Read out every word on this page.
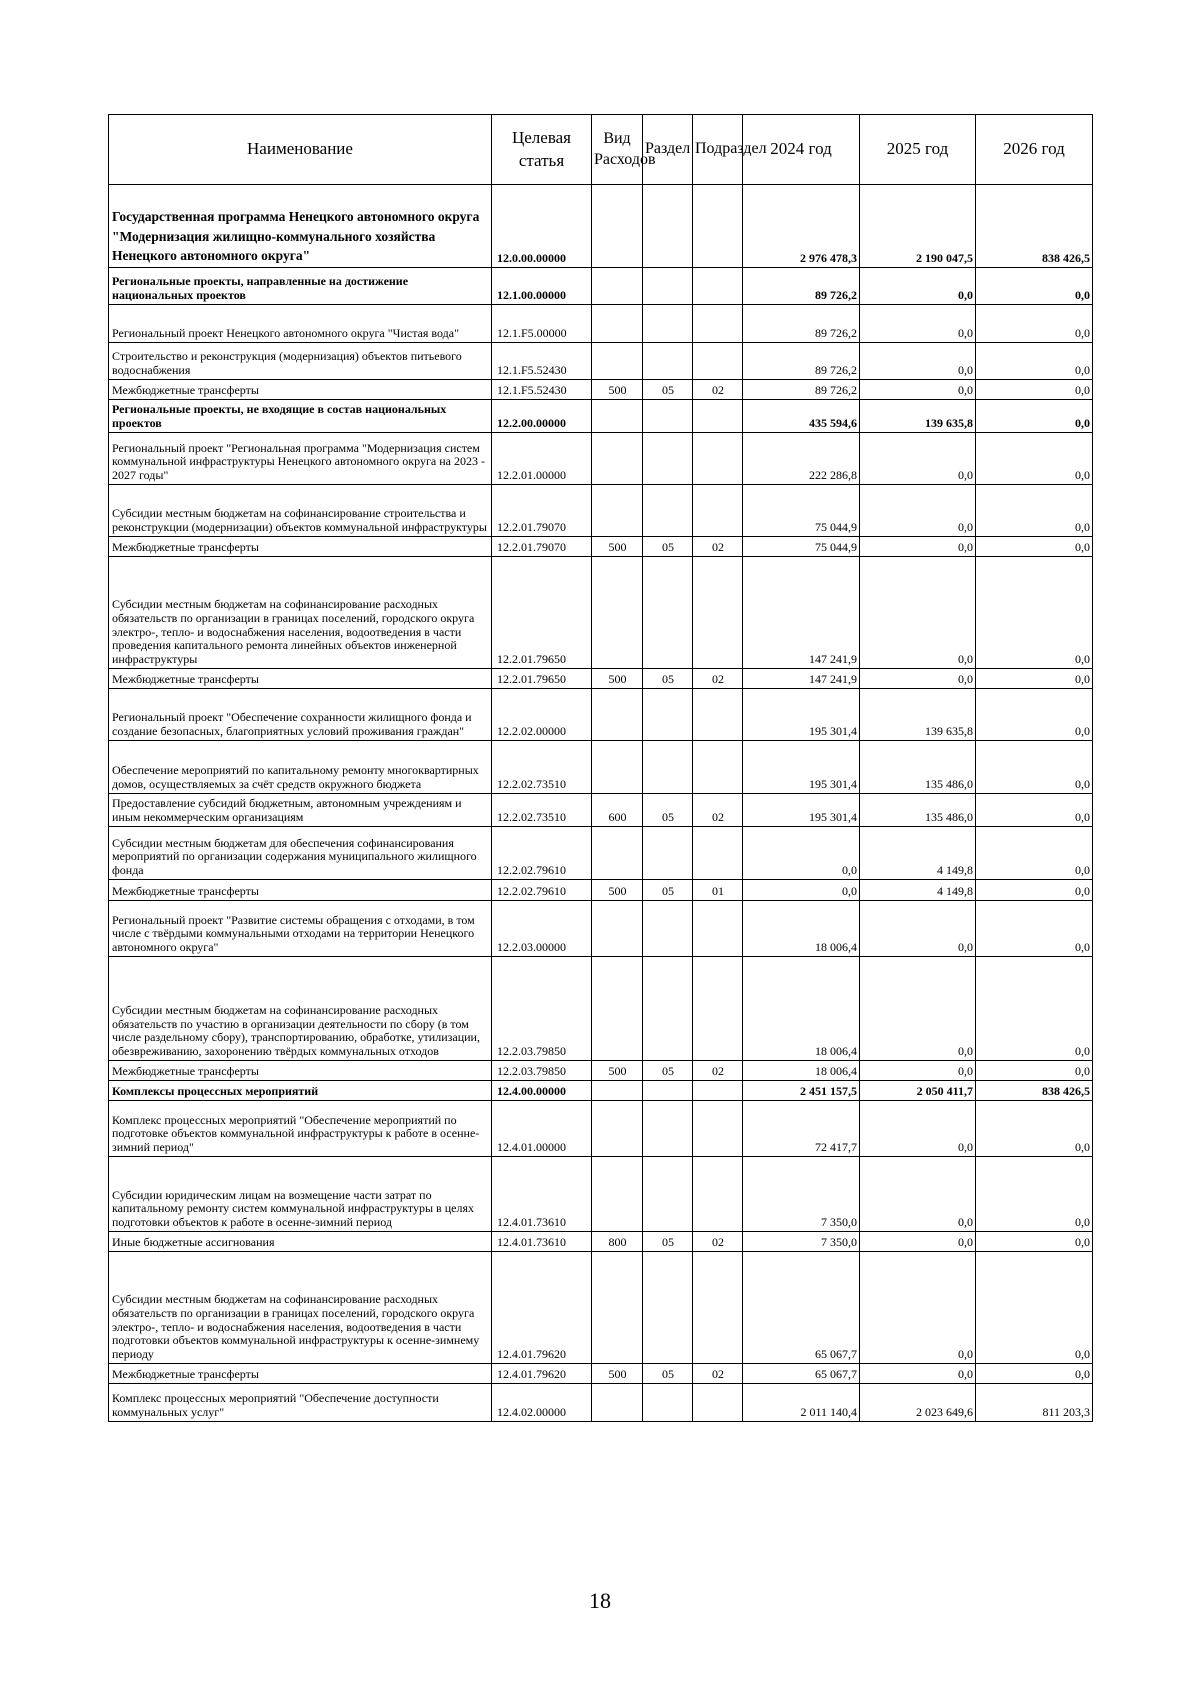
Наименование	Целевая статья	Вид Расходов	Раздел	Подраздел	2024 год	2025 год	2026 год
Государственная программа Ненецкого автономного округа "Модернизация жилищно-коммунального хозяйства Ненецкого автономного округа"	12.0.00.00000				2 976 478,3	2 190 047,5	838 426,5
Региональные проекты, направленные на достижение национальных проектов	12.1.00.00000				89 726,2	0,0	0,0
Региональный проект Ненецкого автономного округа "Чистая вода"	12.1.F5.00000				89 726,2	0,0	0,0
Строительство и реконструкция (модернизация) объектов питьевого водоснабжения	12.1.F5.52430				89 726,2	0,0	0,0
Межбюджетные трансферты	12.1.F5.52430	500	05	02	89 726,2	0,0	0,0
Региональные проекты, не входящие в состав национальных проектов	12.2.00.00000				435 594,6	139 635,8	0,0
Региональный проект "Региональная программа "Модернизация систем коммунальной инфраструктуры Ненецкого автономного округа на 2023 - 2027 годы"	12.2.01.00000				222 286,8	0,0	0,0
Субсидии местным бюджетам на софинансирование строительства и реконструкции (модернизации) объектов коммунальной инфраструктуры	12.2.01.79070				75 044,9	0,0	0,0
Межбюджетные трансферты	12.2.01.79070	500	05	02	75 044,9	0,0	0,0
Субсидии местным бюджетам на софинансирование расходных обязательств по организации в границах поселений, городского округа электро-, тепло- и водоснабжения населения, водоотведения в части проведения капитального ремонта линейных объектов инженерной инфраструктуры	12.2.01.79650				147 241,9	0,0	0,0
Межбюджетные трансферты	12.2.01.79650	500	05	02	147 241,9	0,0	0,0
Региональный проект "Обеспечение сохранности жилищного фонда и создание безопасных, благоприятных условий проживания граждан"	12.2.02.00000				195 301,4	139 635,8	0,0
Обеспечение мероприятий по капитальному ремонту многоквартирных домов, осуществляемых за счёт средств окружного бюджета	12.2.02.73510				195 301,4	135 486,0	0,0
Предоставление субсидий бюджетным, автономным учреждениям и иным некоммерческим организациям	12.2.02.73510	600	05	02	195 301,4	135 486,0	0,0
Субсидии местным бюджетам для обеспечения софинансирования мероприятий по организации содержания муниципального жилищного фонда	12.2.02.79610				0,0	4 149,8	0,0
Межбюджетные трансферты	12.2.02.79610	500	05	01	0,0	4 149,8	0,0
Региональный проект "Развитие системы обращения с отходами, в том числе с твёрдыми коммунальными отходами на территории Ненецкого автономного округа"	12.2.03.00000				18 006,4	0,0	0,0
Субсидии местным бюджетам на софинансирование расходных обязательств по участию в организации деятельности по сбору (в том числе раздельному сбору), транспортированию, обработке, утилизации, обезвреживанию, захоронению твёрдых коммунальных отходов	12.2.03.79850				18 006,4	0,0	0,0
Межбюджетные трансферты	12.2.03.79850	500	05	02	18 006,4	0,0	0,0
Комплексы процессных мероприятий	12.4.00.00000				2 451 157,5	2 050 411,7	838 426,5
Комплекс процессных мероприятий "Обеспечение мероприятий по подготовке объектов коммунальной инфраструктуры к работе в осенне-зимний период"	12.4.01.00000				72 417,7	0,0	0,0
Субсидии юридическим лицам на возмещение части затрат по капитальному ремонту систем коммунальной инфраструктуры в целях подготовки объектов к работе в осенне-зимний период	12.4.01.73610				7 350,0	0,0	0,0
Иные бюджетные ассигнования	12.4.01.73610	800	05	02	7 350,0	0,0	0,0
Субсидии местным бюджетам на софинансирование расходных обязательств по организации в границах поселений, городского округа электро-, тепло- и водоснабжения населения, водоотведения в части подготовки объектов коммунальной инфраструктуры к осенне-зимнему периоду	12.4.01.79620				65 067,7	0,0	0,0
Межбюджетные трансферты	12.4.01.79620	500	05	02	65 067,7	0,0	0,0
Комплекс процессных мероприятий "Обеспечение доступности коммунальных услуг"	12.4.02.00000				2 011 140,4	2 023 649,6	811 203,3
18
